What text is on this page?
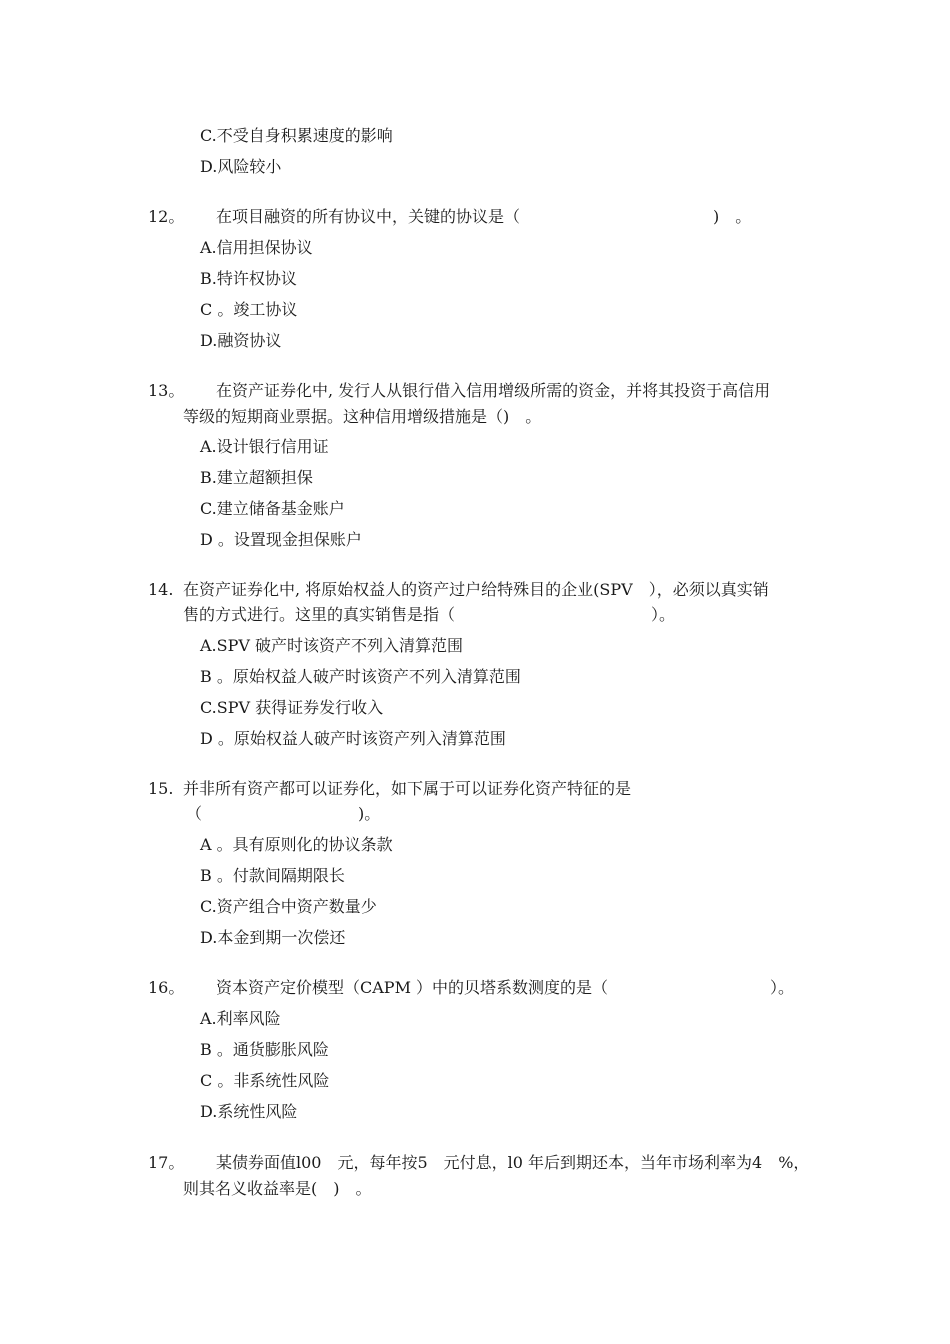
C.不受自身积累速度的影响
D.风险较小
12。 在项目融资的所有协议中，关键的协议是（	)　。
A.信用担保协议
B.特许权协议
C 。竣工协议
D.融资协议
13。 在资产证券化中, 发行人从银行借入信用增级所需的资金，并将其投资于高信用
等级的短期商业票据。这种信用增级措施是（)　。
A.设计银行信用证
B.建立超额担保
C.建立储备基金账户
D 。设置现金担保账户
14. 在资产证券化中, 将原始权益人的资产过户给特殊目的企业(SPV　），必须以真实销
售的方式进行。这里的真实销售是指（	）。
A.SPV 破产时该资产不列入清算范围
B 。原始权益人破产时该资产不列入清算范围
C.SPV 获得证券发行收入
D 。原始权益人破产时该资产列入清算范围
15. 并非所有资产都可以证券化，如下属于可以证券化资产特征的是
（	)。
A 。具有原则化的协议条款
B 。付款间隔期限长
C.资产组合中资产数量少
D.本金到期一次偿还
16。 资本资产定价模型（CAPM ）中的贝塔系数测度的是（	）。
A.利率风险
B 。通货膨胀风险
C 。非系统性风险
D.系统性风险
17。 某债券面值l00　元，每年按5　元付息，l0 年后到期还本，当年市场利率为4　%，
则其名义收益率是(　)　。
